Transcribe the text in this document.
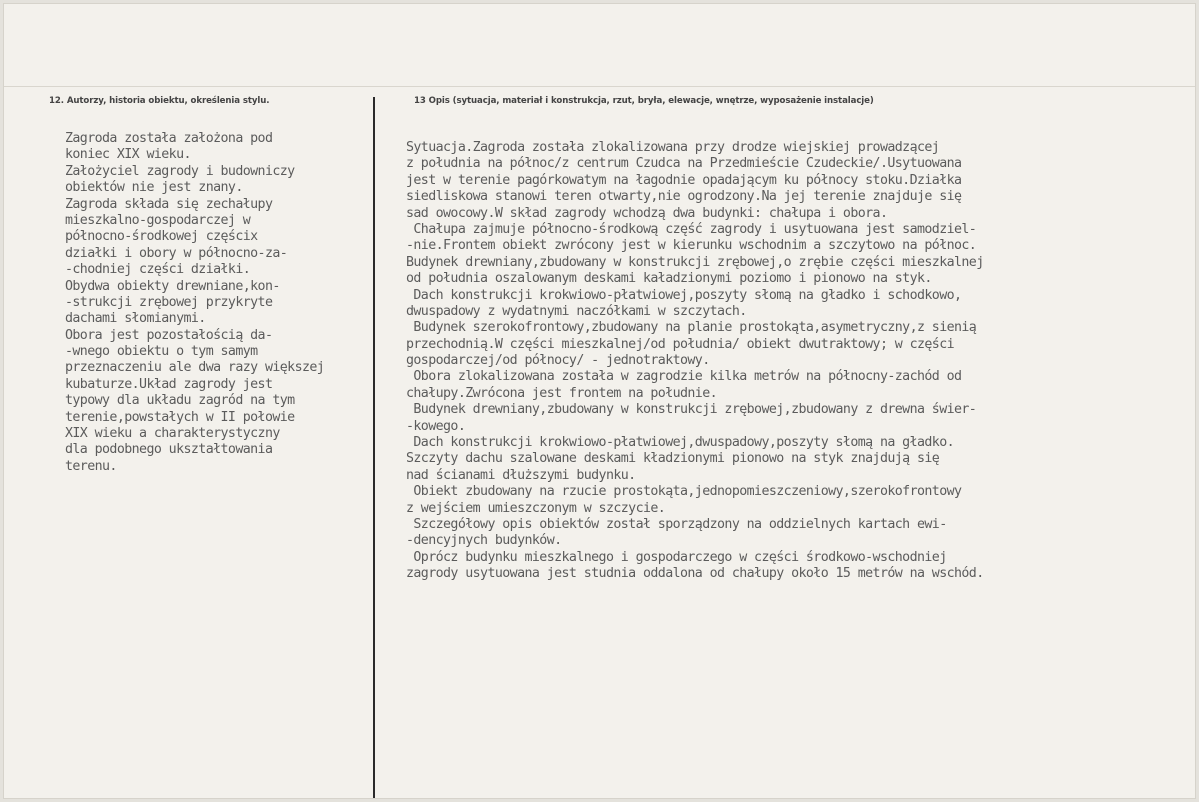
12. Autorzy, historia obiektu, określenia stylu.	13 Opis (sytuacja, materiał i konstrukcja, rzut, bryła, elewacje, wnętrze, wyposażenie instalacje)
Zagroda została założona pod
koniec XIX wieku.
Założyciel zagrody i budowniczy
obiektów nie jest znany.
Zagroda składa się zechałupy
mieszkalno-gospodarczej w
północno-środkowej częścix
działki i obory w północno-za-
-chodniej części działki.
Obydwa obiekty drewniane,kon-
-strukcji zrębowej przykryte
dachami słomianymi.
Obora jest pozostałością da-
-wnego obiektu o tym samym
przeznaczeniu ale dwa razy większej
kubaturze.Układ zagrody jest
typowy dla układu zagród na tym
terenie,powstałych w II połowie
XIX wieku a charakterystyczny
dla podobnego ukształtowania
terenu.
Sytuacja.Zagroda została zlokalizowana przy drodze wiejskiej prowadzącej
z południa na północ/z centrum Czudca na Przedmieście Czudeckie/.Usytuowana
jest w terenie pagórkowatym na łagodnie opadającym ku północy stoku.Działka
siedliskowa stanowi teren otwarty,nie ogrodzony.Na jej terenie znajduje się
sad owocowy.W skład zagrody wchodzą dwa budynki: chałupa i obora.
Chałupa zajmuje północno-środkową część zagrody i usytuowana jest samodziel-
-nie.Frontem obiekt zwrócony jest w kierunku wschodnim a szczytowo na północ.
Budynek drewniany,zbudowany w konstrukcji zrębowej,o zrębie części mieszkalnej
od południa oszalowanym deskami kaładzionymi poziomo i pionowo na styk.
Dach konstrukcji krokwiowo-płatwiowej,poszyty słomą na gładko i schodkowo,
dwuspadowy z wydatnymi naczółkami w szczytach.
Budynek szerokofrontowy,zbudowany na planie prostokąta,asymetryczny,z sienią
przechodnią.W części mieszkalnej/od południa/ obiekt dwutraktowy; w części
gospodarczej/od północy/ - jednotraktowy.
Obora zlokalizowana została w zagrodzie kilka metrów na północny-zachód od
chałupy.Zwrócona jest frontem na południe.
Budynek drewniany,zbudowany w konstrukcji zrębowej,zbudowany z drewna świer-
-kowego.
Dach konstrukcji krokwiowo-płatwiowej,dwuspadowy,poszyty słomą na gładko.
Szczyty dachu szalowane deskami kładzionymi pionowo na styk znajdują się
nad ścianami dłuższymi budynku.
Obiekt zbudowany na rzucie prostokąta,jednopomieszczeniowy,szerokofrontowy
z wejściem umieszczonym w szczycie.
Szczegółowy opis obiektów został sporządzony na oddzielnych kartach ewi-
-dencyjnych budynków.
Oprócz budynku mieszkalnego i gospodarczego w części środkowo-wschodniej
zagrody usytuowana jest studnia oddalona od chałupy około 15 metrów na wschód.
